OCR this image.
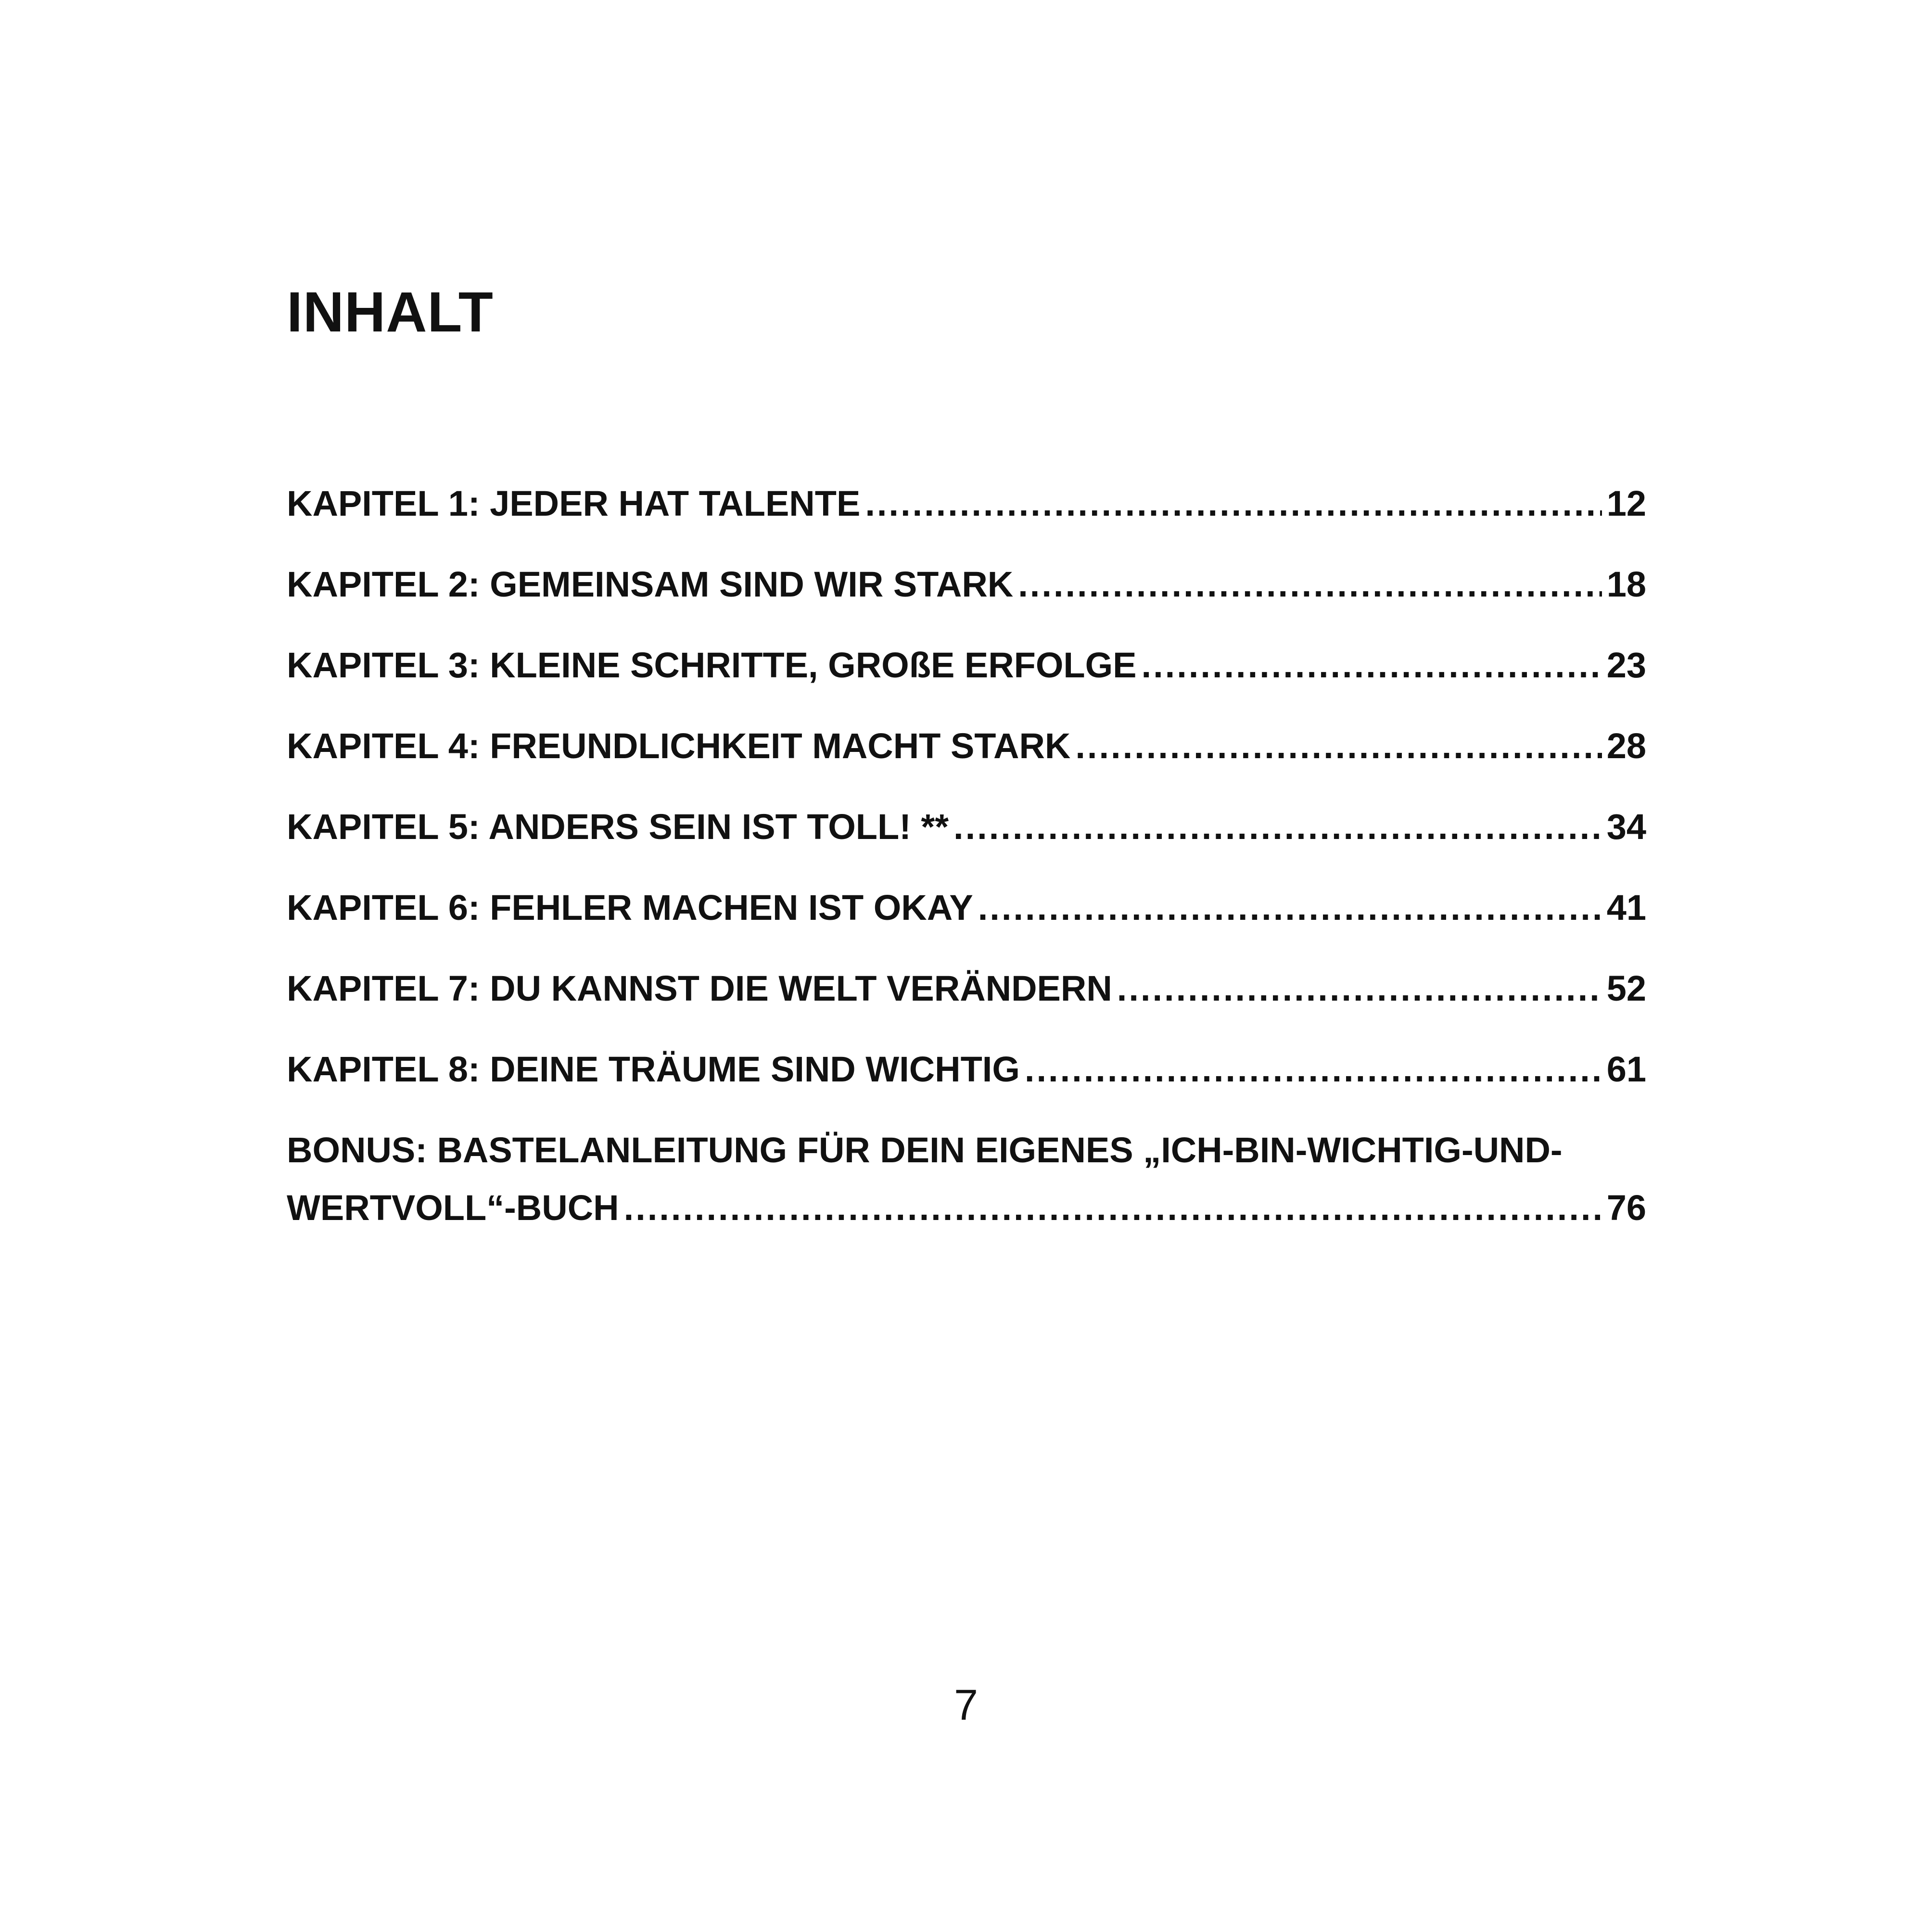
INHALT
KAPITEL 1: JEDER HAT TALENTE .....	12
KAPITEL 2: GEMEINSAM SIND WIR STARK .....	18
KAPITEL 3: KLEINE SCHRITTE, GROßE ERFOLGE .....	23
KAPITEL 4: FREUNDLICHKEIT MACHT STARK .....	28
KAPITEL 5: ANDERS SEIN IST TOLL! ** .....	34
KAPITEL 6: FEHLER MACHEN IST OKAY .....	41
KAPITEL 7: DU KANNST DIE WELT VERÄNDERN .....	52
KAPITEL 8: DEINE TRÄUME SIND WICHTIG .....	61
BONUS: BASTELANLEITUNG FÜR DEIN EIGENES „ICH-BIN-WICHTIG-UND-
WERTVOLL“-BUCH .....	76
7
